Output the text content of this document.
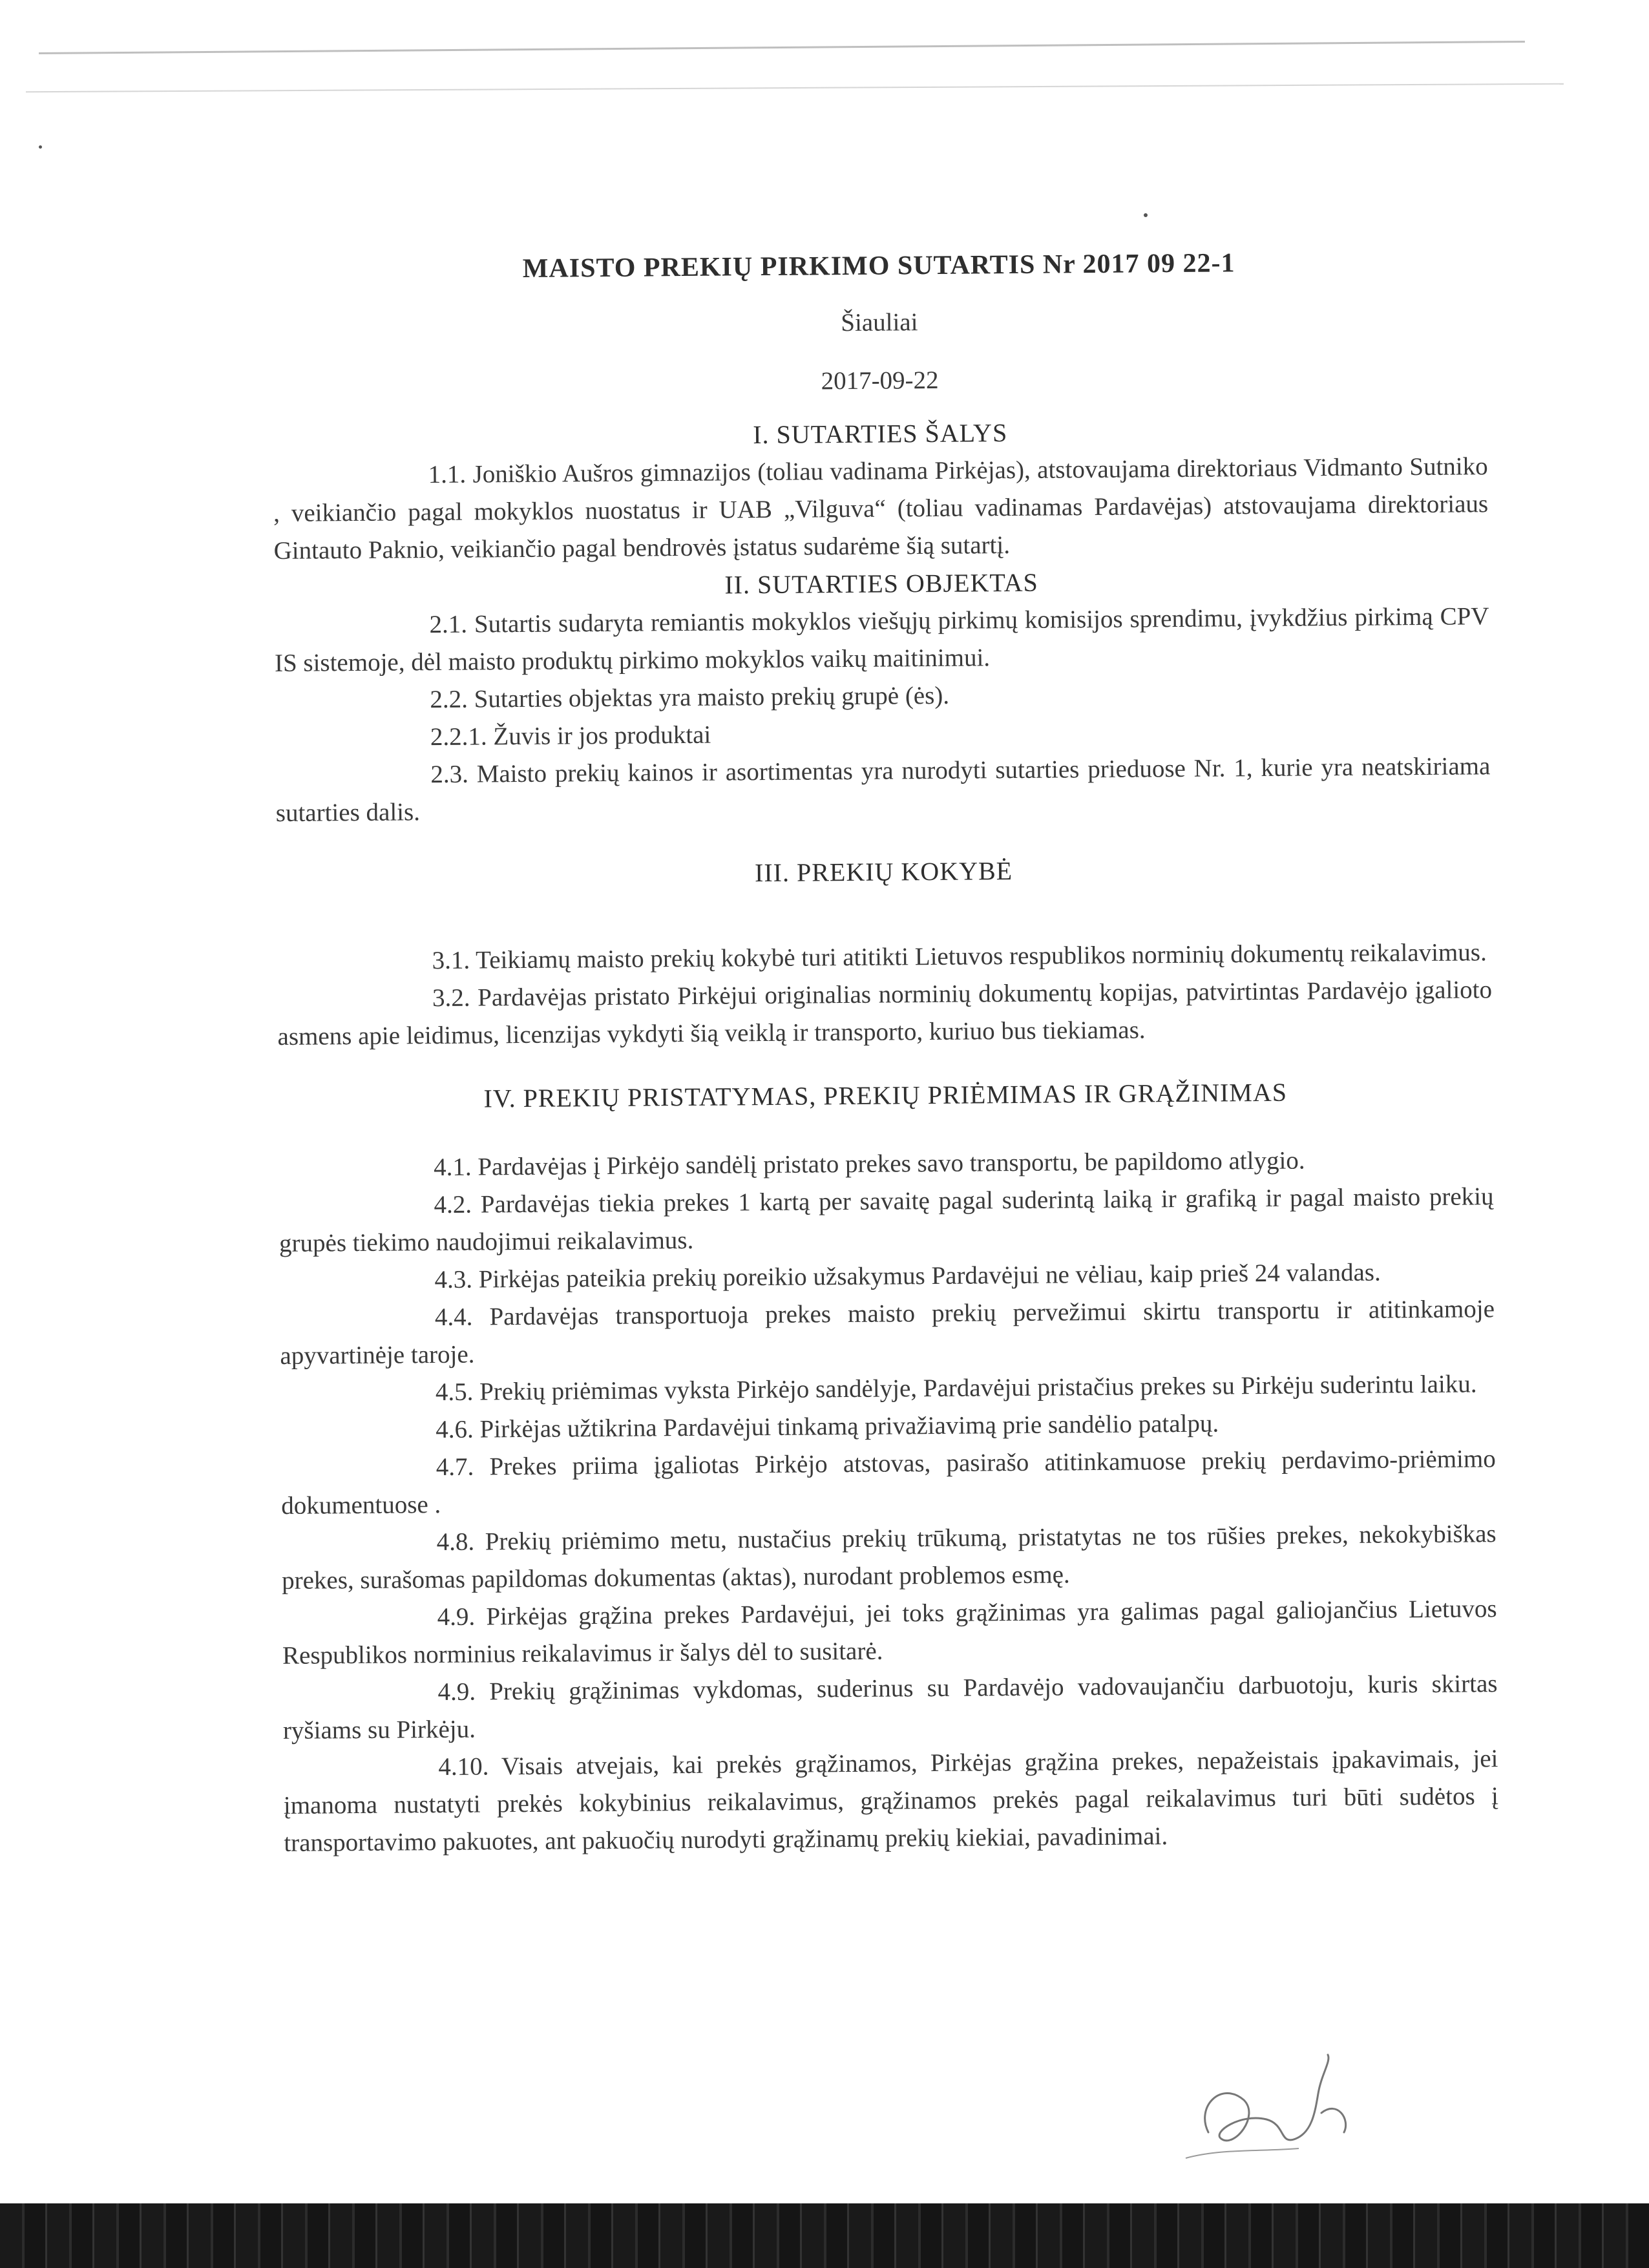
MAISTO PREKIŲ PIRKIMO SUTARTIS Nr 2017 09 22-1

Šiauliai

2017-09-22

I. SUTARTIES ŠALYS

1.1. Joniškio Aušros gimnazijos (toliau vadinama Pirkėjas), atstovaujama direktoriaus Vidmanto Sutniko , veikiančio pagal mokyklos nuostatus ir UAB „Vilguva“ (toliau vadinamas Pardavėjas) atstovaujama direktoriaus Gintauto Paknio, veikiančio pagal bendrovės įstatus sudarėme šią sutartį.

II. SUTARTIES OBJEKTAS

2.1. Sutartis sudaryta remiantis mokyklos viešųjų pirkimų komisijos sprendimu, įvykdžius pirkimą CPV IS sistemoje, dėl maisto produktų pirkimo mokyklos vaikų maitinimui.

2.2. Sutarties objektas yra maisto prekių grupė (ės).

2.2.1. Žuvis ir jos produktai

2.3. Maisto prekių kainos ir asortimentas yra nurodyti sutarties prieduose Nr. 1, kurie yra neatskiriama sutarties dalis.

III. PREKIŲ KOKYBĖ

3.1. Teikiamų maisto prekių kokybė turi atitikti Lietuvos respublikos norminių dokumentų reikalavimus.

3.2. Pardavėjas pristato Pirkėjui originalias norminių dokumentų kopijas, patvirtintas Pardavėjo įgalioto asmens apie leidimus, licenzijas vykdyti šią veiklą ir transporto, kuriuo bus tiekiamas.

IV. PREKIŲ PRISTATYMAS, PREKIŲ PRIĖMIMAS IR GRĄŽINIMAS

4.1. Pardavėjas į Pirkėjo sandėlį pristato prekes savo transportu, be papildomo atlygio.

4.2. Pardavėjas tiekia prekes 1 kartą per savaitę pagal suderintą laiką ir grafiką ir pagal maisto prekių grupės tiekimo naudojimui reikalavimus.

4.3. Pirkėjas pateikia prekių poreikio užsakymus Pardavėjui ne vėliau, kaip prieš 24 valandas.

4.4. Pardavėjas transportuoja prekes maisto prekių pervežimui skirtu transportu ir atitinkamoje apyvartinėje taroje.

4.5. Prekių priėmimas vyksta Pirkėjo sandėlyje, Pardavėjui pristačius prekes su Pirkėju suderintu laiku.

4.6. Pirkėjas užtikrina Pardavėjui tinkamą privažiavimą prie sandėlio patalpų.

4.7. Prekes priima įgaliotas Pirkėjo atstovas, pasirašo atitinkamuose prekių perdavimo-priėmimo dokumentuose .

4.8. Prekių priėmimo metu, nustačius prekių trūkumą, pristatytas ne tos rūšies prekes, nekokybiškas prekes, surašomas papildomas dokumentas (aktas), nurodant problemos esmę.

4.9. Pirkėjas grąžina prekes Pardavėjui, jei toks grąžinimas yra galimas pagal galiojančius Lietuvos Respublikos norminius reikalavimus ir šalys dėl to susitarė.

4.9. Prekių grąžinimas vykdomas, suderinus su Pardavėjo vadovaujančiu darbuotoju, kuris skirtas ryšiams su Pirkėju.

4.10. Visais atvejais, kai prekės grąžinamos, Pirkėjas grąžina prekes, nepažeistais įpakavimais, jei įmanoma nustatyti prekės kokybinius reikalavimus, grąžinamos prekės pagal reikalavimus turi būti sudėtos į transportavimo pakuotes, ant pakuočių nurodyti grąžinamų prekių kiekiai, pavadinimai.
